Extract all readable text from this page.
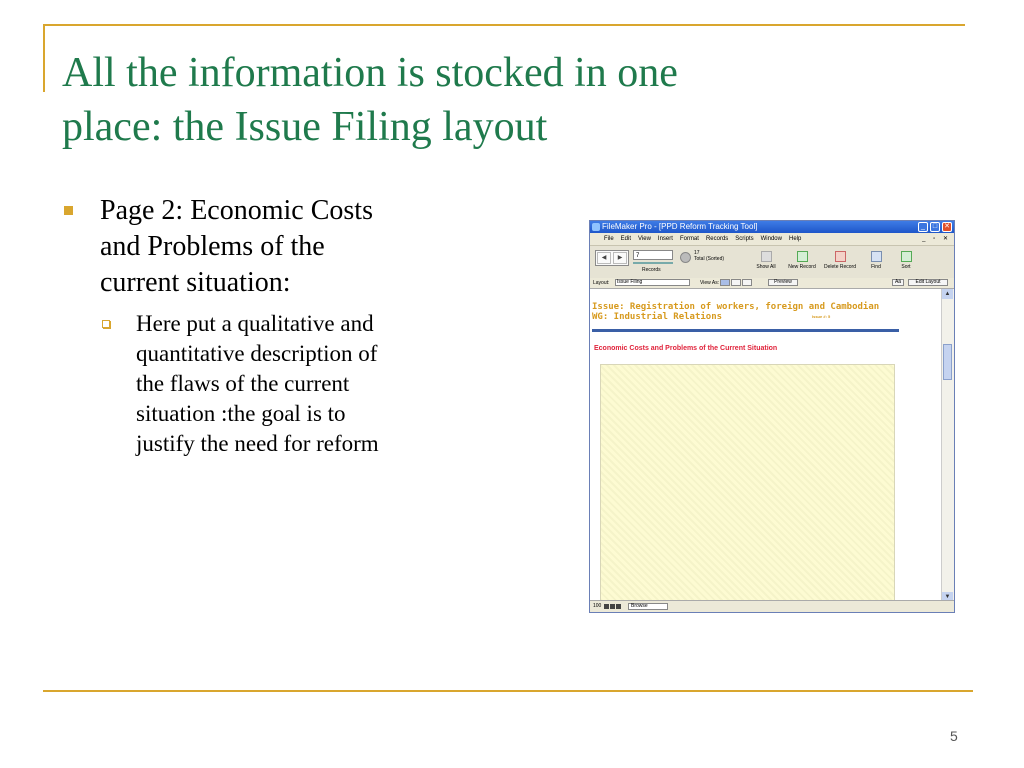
All the information is stocked in one
place: the Issue Filing layout
Page 2: Economic Costs
and Problems of the
current situation:
Here put a qualitative and
quantitative description of
the flaws of the current
situation :the goal is to
justify the need for reform
FileMaker Pro - [PPD Reform Tracking Tool]	_	□ ✕
File Edit View Insert Format Records Scripts Window Help	_ ▫ ✕
◀	▶	7
Records
17
Total (Sorted)
Show All	New Record	Delete Record	Find	Sort
Layout:	Issue Filing	View As:	Preview	Aä	Edit Layout
Issue: Registration of workers, foreign and Cambodian
WG: Industrial Relations	Issue #: 5
Economic Costs and Problems of the Current Situation
▲
▼
100	Browse
5
